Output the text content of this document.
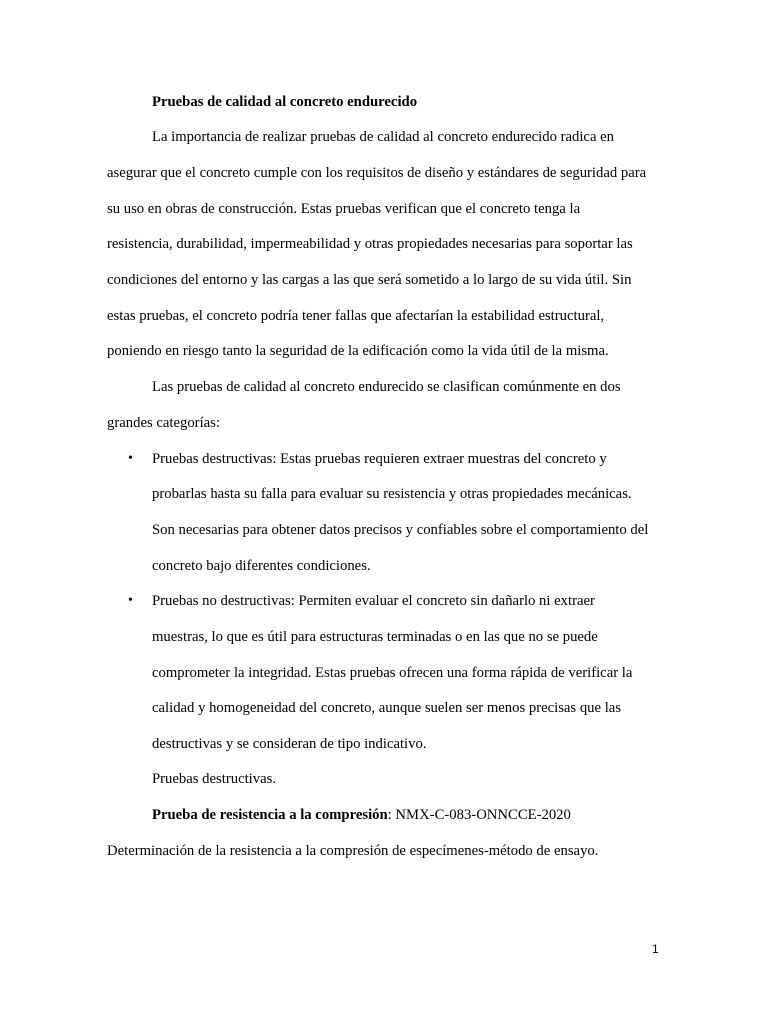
Pruebas de calidad al concreto endurecido
La importancia de realizar pruebas de calidad al concreto endurecido radica en
asegurar que el concreto cumple con los requisitos de diseño y estándares de seguridad para
su uso en obras de construcción. Estas pruebas verifican que el concreto tenga la
resistencia, durabilidad, impermeabilidad y otras propiedades necesarias para soportar las
condiciones del entorno y las cargas a las que será sometido a lo largo de su vida útil. Sin
estas pruebas, el concreto podría tener fallas que afectarían la estabilidad estructural,
poniendo en riesgo tanto la seguridad de la edificación como la vida útil de la misma.
Las pruebas de calidad al concreto endurecido se clasifican comúnmente en dos
grandes categorías:
• Pruebas destructivas: Estas pruebas requieren extraer muestras del concreto y
probarlas hasta su falla para evaluar su resistencia y otras propiedades mecánicas.
Son necesarias para obtener datos precisos y confiables sobre el comportamiento del
concreto bajo diferentes condiciones.
• Pruebas no destructivas: Permiten evaluar el concreto sin dañarlo ni extraer
muestras, lo que es útil para estructuras terminadas o en las que no se puede
comprometer la integridad. Estas pruebas ofrecen una forma rápida de verificar la
calidad y homogeneidad del concreto, aunque suelen ser menos precisas que las
destructivas y se consideran de tipo indicativo.
Pruebas destructivas.
Prueba de resistencia a la compresión: NMX-C-083-ONNCCE-2020
Determinación de la resistencia a la compresión de especímenes-método de ensayo.
1
